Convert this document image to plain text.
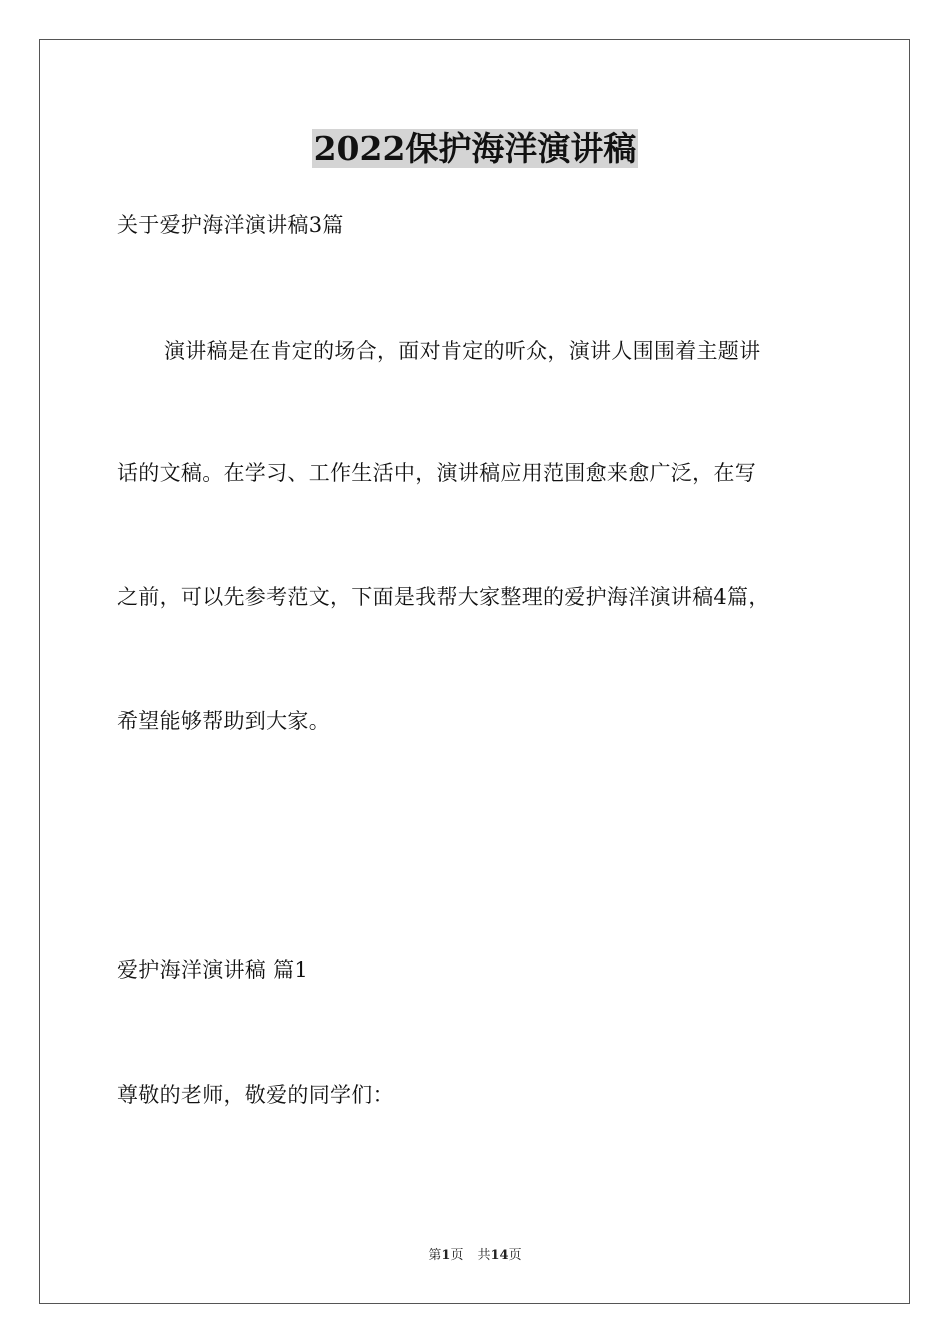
2022保护海洋演讲稿
关于爱护海洋演讲稿3篇
演讲稿是在肯定的场合，面对肯定的听众，演讲人围围着主题讲
话的文稿。在学习、工作生活中，演讲稿应用范围愈来愈广泛，在写
之前，可以先参考范文，下面是我帮大家整理的爱护海洋演讲稿4篇，
希望能够帮助到大家。
爱护海洋演讲稿 篇1
尊敬的老师，敬爱的同学们：
第1页 共14页
